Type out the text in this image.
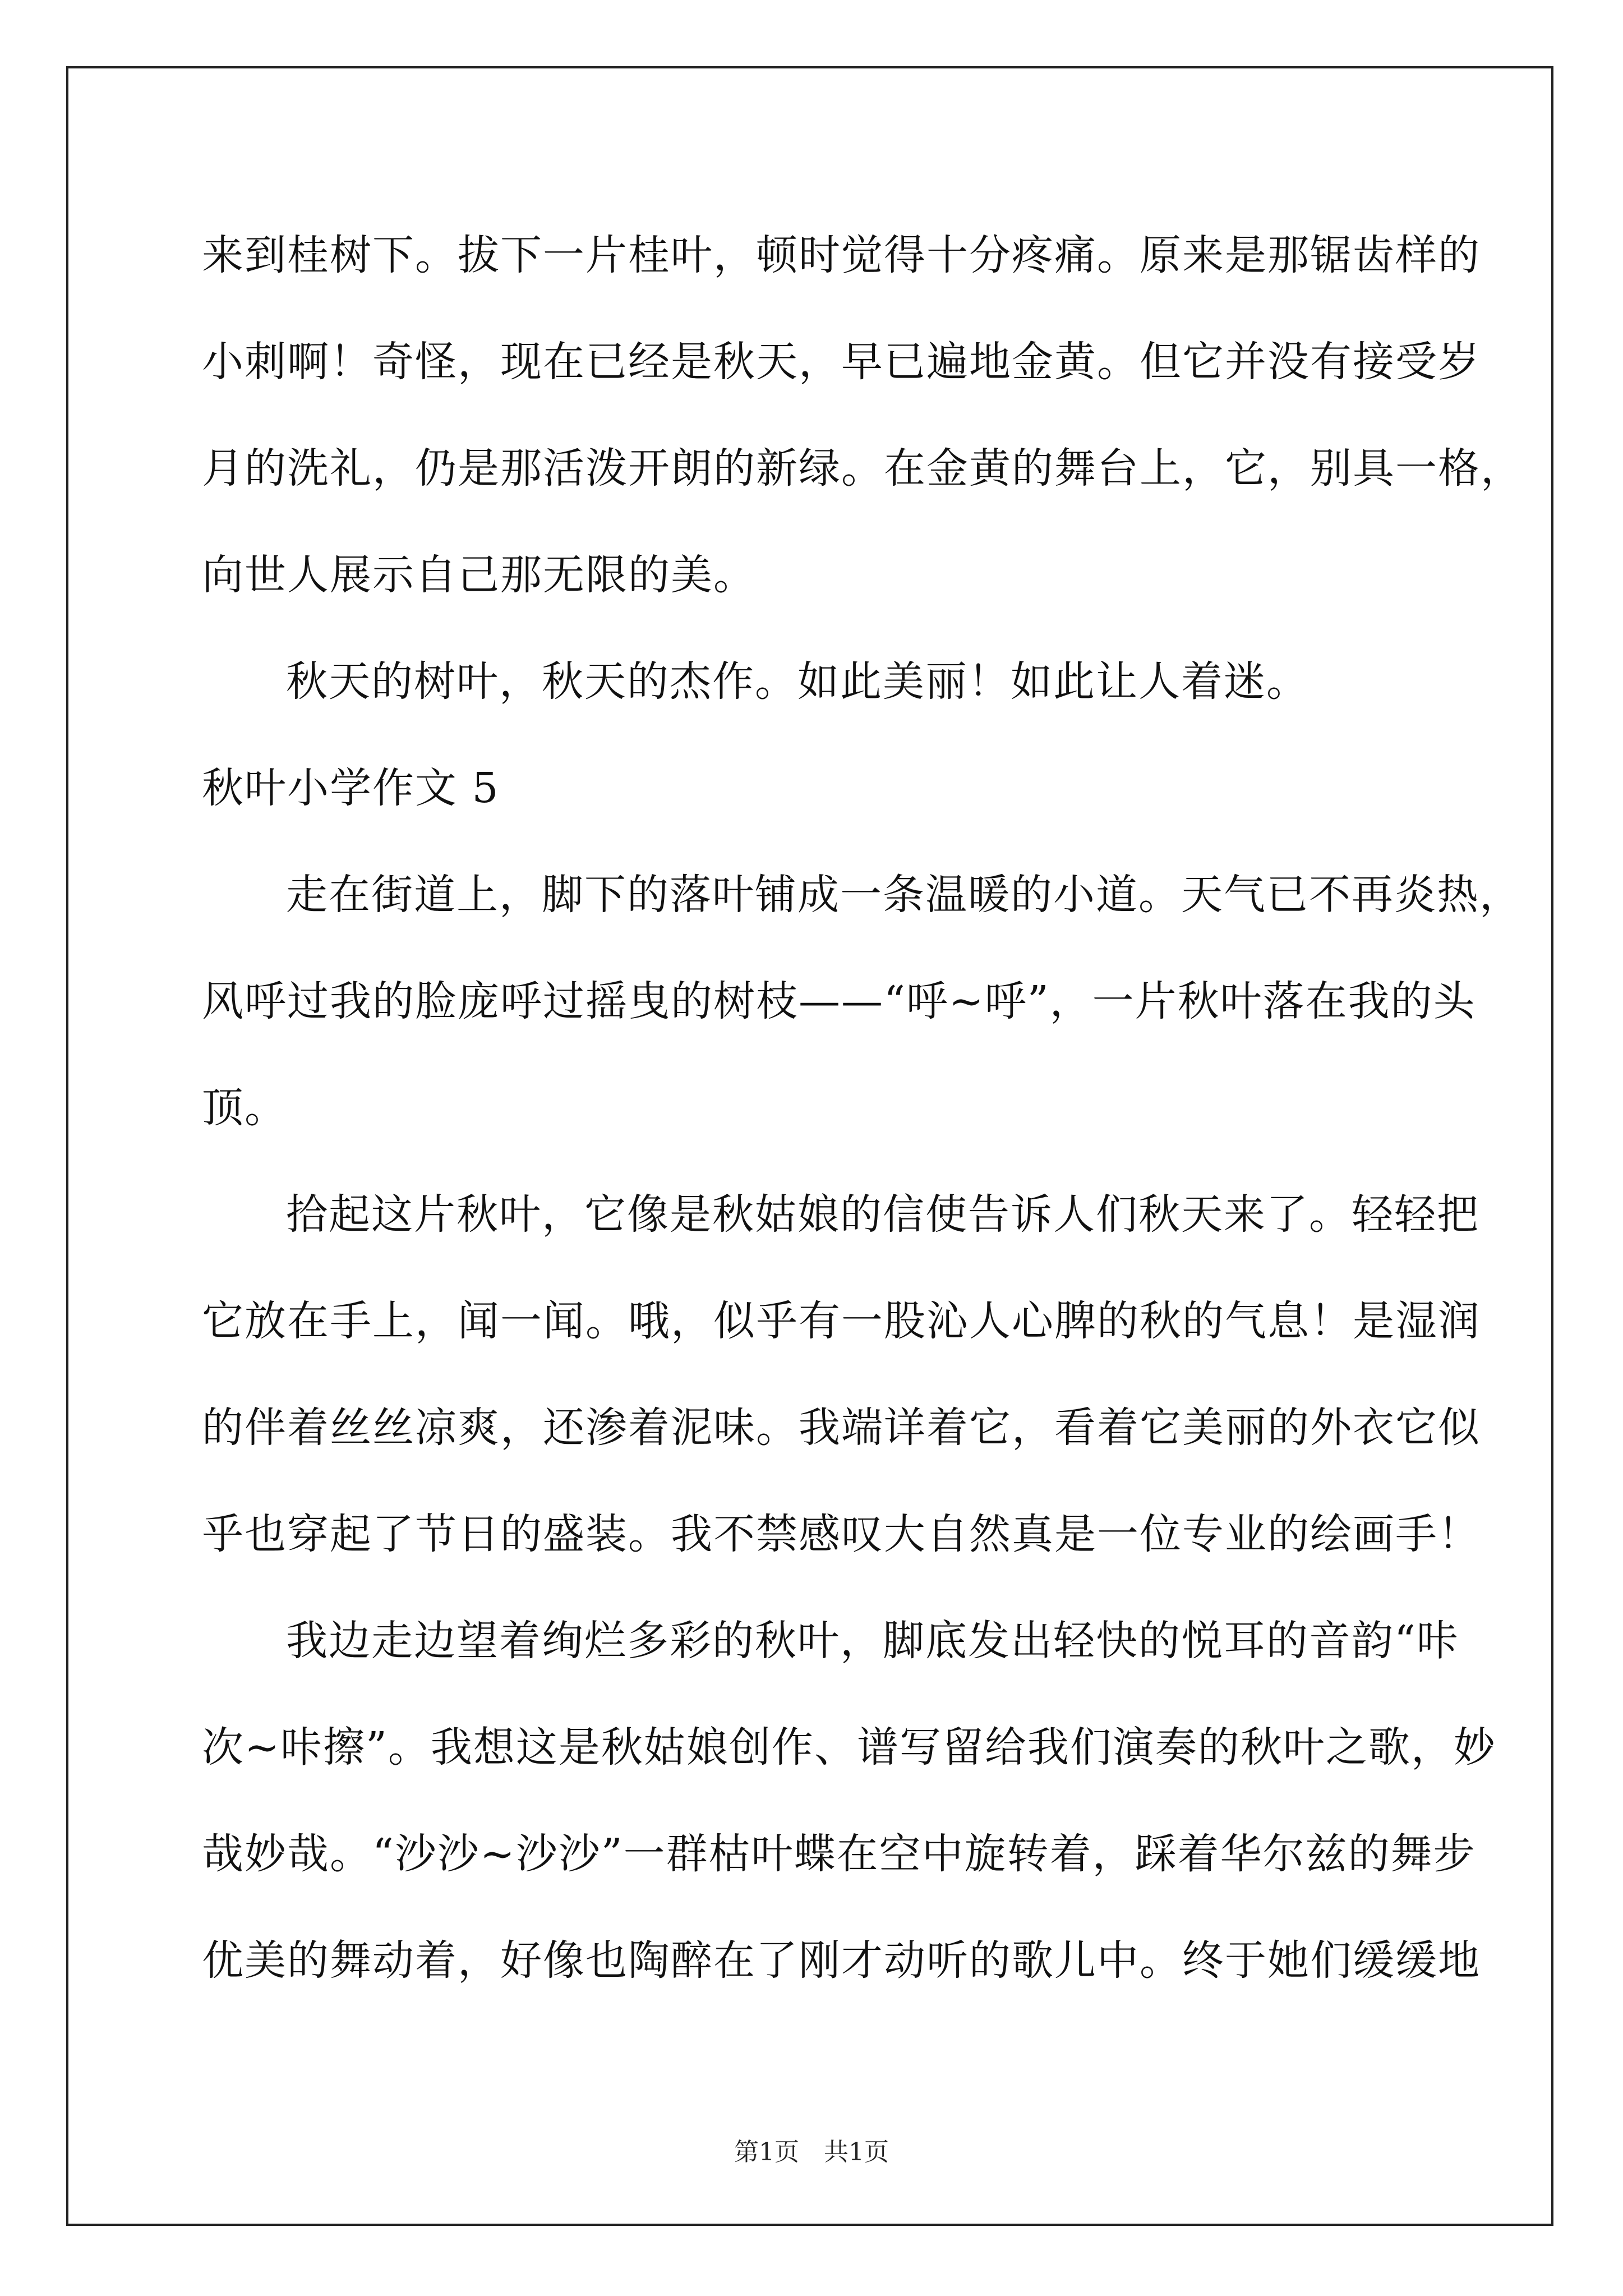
来到桂树下。拔下一片桂叶，顿时觉得十分疼痛。原来是那锯齿样的
小刺啊！奇怪，现在已经是秋天，早已遍地金黄。但它并没有接受岁
月的洗礼，仍是那活泼开朗的新绿。在金黄的舞台上，它，别具一格，
向世人展示自己那无限的美。
秋天的树叶，秋天的杰作。如此美丽！如此让人着迷。
秋叶小学作文 5
走在街道上，脚下的落叶铺成一条温暖的小道。天气已不再炎热，
风呼过我的脸庞呼过摇曳的树枝——“呼~呼”，一片秋叶落在我的头
顶。
拾起这片秋叶，它像是秋姑娘的信使告诉人们秋天来了。轻轻把
它放在手上，闻一闻。哦，似乎有一股沁人心脾的秋的气息！是湿润
的伴着丝丝凉爽，还渗着泥味。我端详着它，看着它美丽的外衣它似
乎也穿起了节日的盛装。我不禁感叹大自然真是一位专业的绘画手！
我边走边望着绚烂多彩的秋叶，脚底发出轻快的悦耳的音韵“咔
次~咔擦”。我想这是秋姑娘创作、谱写留给我们演奏的秋叶之歌，妙
哉妙哉。“沙沙~沙沙”一群枯叶蝶在空中旋转着，踩着华尔兹的舞步
优美的舞动着，好像也陶醉在了刚才动听的歌儿中。终于她们缓缓地
第1页　共1页
